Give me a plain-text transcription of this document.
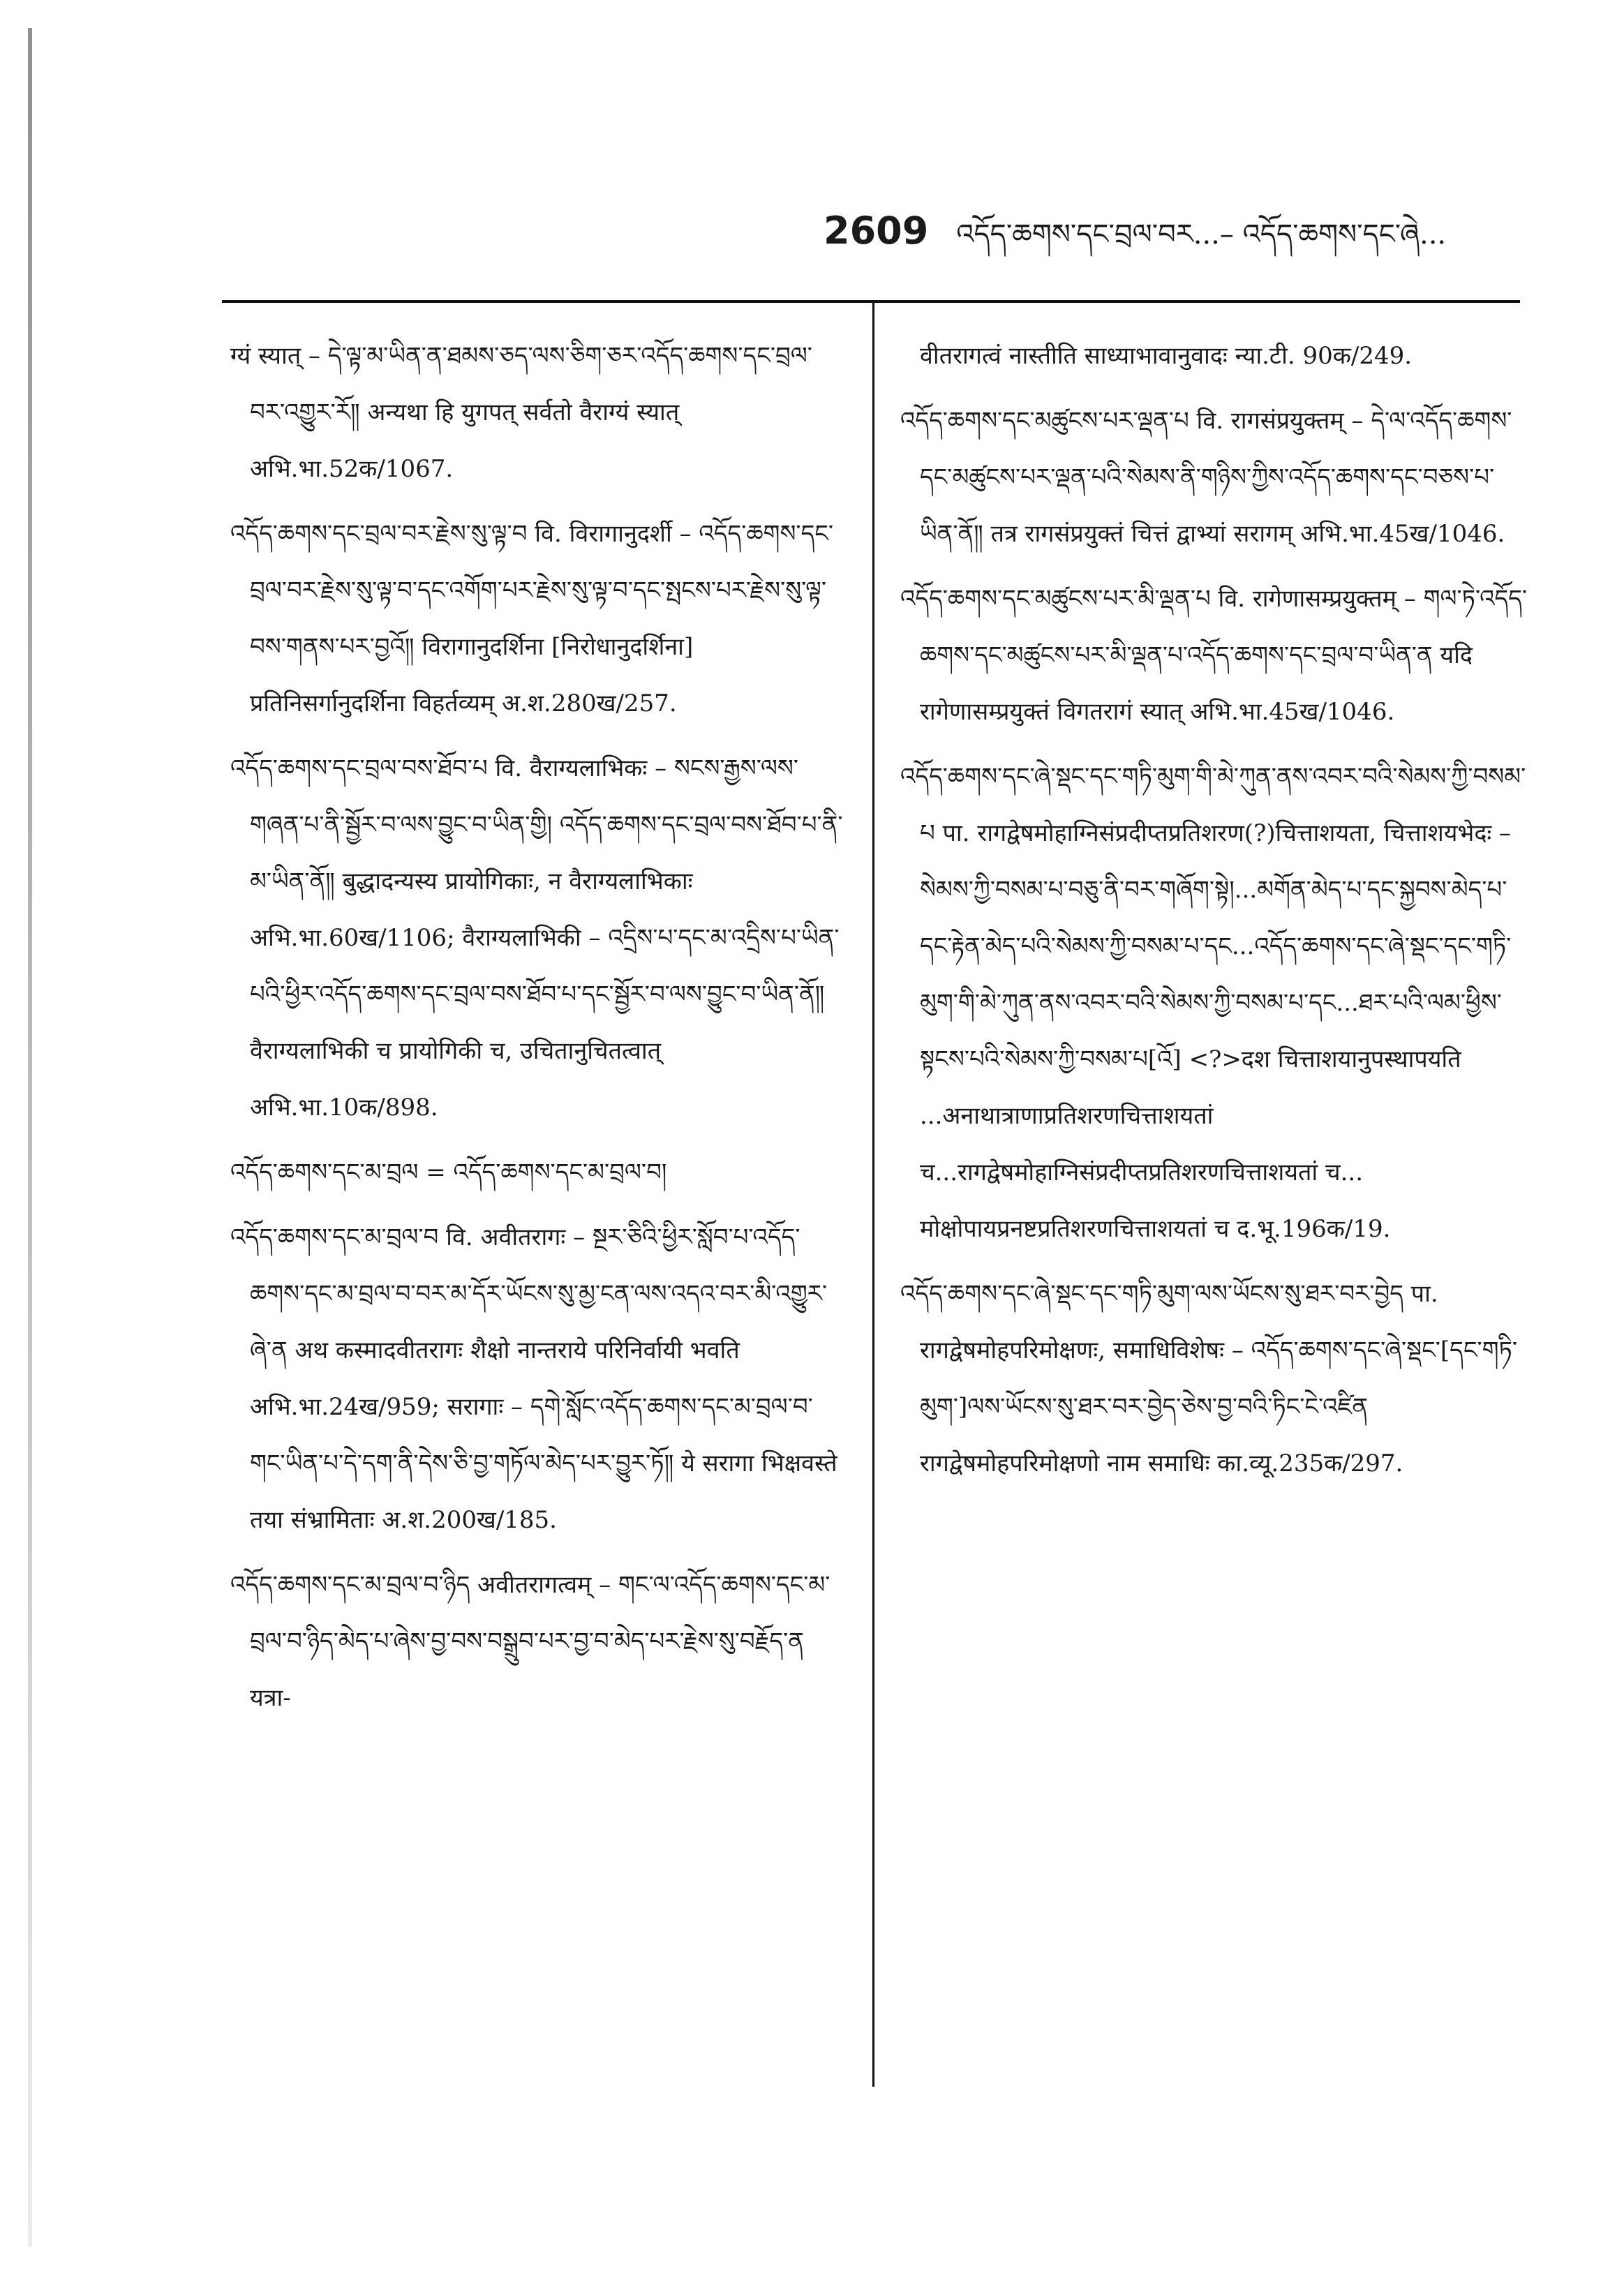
2609 འདོད་ཆགས་དང་བྲལ་བར...– འདོད་ཆགས་དང་ཞེ...

ग्यं स्यात् – དེ་ལྟ་མ་ཡིན་ན་ཐམས་ཅད་ལས་ཅིག་ཅར་འདོད་ཆགས་དང་བྲལ་བར་འགྱུར་རོ༎ अन्यथा हि युगपत् सर्वतो वैराग्यं स्यात् अभि.भा.52क/1067.

འདོད་ཆགས་དང་བྲལ་བར་རྗེས་སུ་ལྟ་བ वि. विरागानुदर्शी – འདོད་ཆགས་དང་བྲལ་བར་རྗེས་སུ་ལྟ་བ་དང་འགོག་པར་རྗེས་སུ་ལྟ་བ་དང་སྤངས་པར་རྗེས་སུ་ལྟ་བས་གནས་པར་བྱའོ༎ विरागानुदर्शिना [निरोधानुदर्शिना] प्रतिनिसर्गानुदर्शिना विहर्तव्यम् अ.श.280ख/257.

འདོད་ཆགས་དང་བྲལ་བས་ཐོབ་པ वि. वैराग्यलाभिकः – སངས་རྒྱས་ལས་གཞན་པ་ནི་སྦྱོར་བ་ལས་བྱུང་བ་ཡིན་གྱི། འདོད་ཆགས་དང་བྲལ་བས་ཐོབ་པ་ནི་མ་ཡིན་ནོ༎ बुद्धादन्यस्य प्रायोगिकाः, न वैराग्यलाभिकाः अभि.भा.60ख/1106; वैराग्यलाभिकी – འདྲིས་པ་དང་མ་འདྲིས་པ་ཡིན་པའི་ཕྱིར་འདོད་ཆགས་དང་བྲལ་བས་ཐོབ་པ་དང་སྦྱོར་བ་ལས་བྱུང་བ་ཡིན་ནོ༎ वैराग्यलाभिकी च प्रायोगिकी च, उचितानुचितत्वात् अभि.भा.10क/898.

འདོད་ཆགས་དང་མ་བྲལ = འདོད་ཆགས་དང་མ་བྲལ་བ།

འདོད་ཆགས་དང་མ་བྲལ་བ वि. अवीतरागः – སྔར་ཅིའི་ཕྱིར་སློབ་པ་འདོད་ཆགས་དང་མ་བྲལ་བ་བར་མ་དོར་ཡོངས་སུ་མྱ་ངན་ལས་འདའ་བར་མི་འགྱུར་ཞེ་ན अथ कस्मादवीतरागः शैक्षो नान्तराये परिनिर्वायी भवति अभि.भा.24ख/959; सरागाः – དགེ་སློང་འདོད་ཆགས་དང་མ་བྲལ་བ་གང་ཡིན་པ་དེ་དག་ནི་དེས་ཅི་བྱ་གཏོལ་མེད་པར་བྱུར་ཏོ༎ ये सरागा भिक्षवस्ते तया संभ्रामिताः अ.श.200ख/185.

འདོད་ཆགས་དང་མ་བྲལ་བ་ཉིད अवीतरागत्वम् – གང་ལ་འདོད་ཆགས་དང་མ་བྲལ་བ་ཉིད་མེད་པ་ཞེས་བྱ་བས་བསྒྲུབ་པར་བྱ་བ་མེད་པར་རྗེས་སུ་བརྗོད་ན यत्रा-

वीतरागत्वं नास्तीति साध्याभावानुवादः न्या.टी. 90क/249.

འདོད་ཆགས་དང་མཚུངས་པར་ལྡན་པ वि. रागसंप्रयुक्तम् – དེ་ལ་འདོད་ཆགས་དང་མཚུངས་པར་ལྡན་པའི་སེམས་ནི་གཉིས་ཀྱིས་འདོད་ཆགས་དང་བཅས་པ་ཡིན་ནོ༎ तत्र रागसंप्रयुक्तं चित्तं द्वाभ्यां सरागम् अभि.भा.45ख/1046.

འདོད་ཆགས་དང་མཚུངས་པར་མི་ལྡན་པ वि. रागेणासम्प्रयुक्तम् – གལ་ཏེ་འདོད་ཆགས་དང་མཚུངས་པར་མི་ལྡན་པ་འདོད་ཆགས་དང་བྲལ་བ་ཡིན་ན यदि रागेणासम्प्रयुक्तं विगतरागं स्यात् अभि.भा.45ख/1046.

འདོད་ཆགས་དང་ཞེ་སྡང་དང་གཏི་མུག་གི་མེ་ཀུན་ནས་འབར་བའི་སེམས་ཀྱི་བསམ་པ पा. रागद्वेषमोहाग्निसंप्रदीप्तप्रतिशरण(?)चित्ताशयता, चित्ताशयभेदः – སེམས་ཀྱི་བསམ་པ་བཅུ་ནི་བར་གཞོག་སྟེ།...མགོན་མེད་པ་དང་སྐྱབས་མེད་པ་དང་རྟེན་མེད་པའི་སེམས་ཀྱི་བསམ་པ་དང...འདོད་ཆགས་དང་ཞེ་སྡང་དང་གཏི་མུག་གི་མེ་ཀུན་ནས་འབར་བའི་སེམས་ཀྱི་བསམ་པ་དང...ཐར་པའི་ལམ་ཕྱིས་སྟངས་པའི་སེམས་ཀྱི་བསམ་པ[འོ] <?>दश चित्ताशयानुपस्थापयति ...अनाथात्राणाप्रतिशरणचित्ताशयतां च...रागद्वेषमोहाग्निसंप्रदीप्तप्रतिशरणचित्ताशयतां च... मोक्षोपायप्रनष्टप्रतिशरणचित्ताशयतां च द.भू.196क/19.

འདོད་ཆགས་དང་ཞེ་སྡང་དང་གཏི་མུག་ལས་ཡོངས་སུ་ཐར་བར་བྱེད पा. रागद्वेषमोहपरिमोक्षणः, समाधिविशेषः – འདོད་ཆགས་དང་ཞེ་སྡང་[དང་གཏི་མུག་]ལས་ཡོངས་སུ་ཐར་བར་བྱེད་ཅེས་བྱ་བའི་ཏིང་ངེ་འཛིན रागद्वेषमोहपरिमोक्षणो नाम समाधिः का.व्यू.235क/297.
